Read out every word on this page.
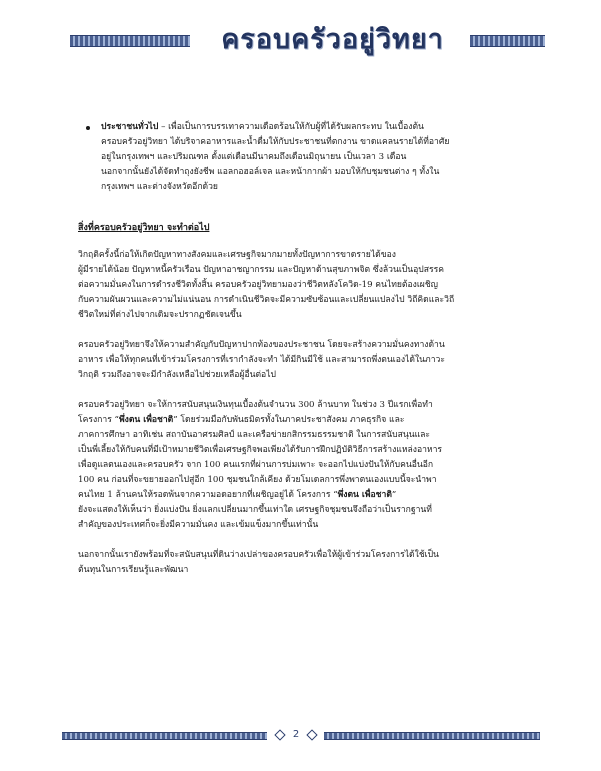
ครอบครัวอยู่วิทยา

ประชาชนทั่วไป – เพื่อเป็นการบรรเทาความเดือดร้อนให้กับผู้ที่ได้รับผลกระทบ ในเบื้องต้น

ครอบครัวอยู่วิทยา ได้บริจาคอาหารและน้ำดื่มให้กับประชาชนที่ตกงาน ขาดแคลนรายได้ที่อาศัย

อยู่ในกรุงเทพฯ และปริมณฑล ตั้งแต่เดือนมีนาคมถึงเดือนมิถุนายน เป็นเวลา 3 เดือน

นอกจากนั้นยังได้จัดทำถุงยังชีพ แอลกอฮอล์เจล และหน้ากากผ้า มอบให้กับชุมชนต่าง ๆ ทั้งใน

กรุงเทพฯ และต่างจังหวัดอีกด้วย

สิ่งที่ครอบครัวอยู่วิทยา จะทำต่อไป

วิกฤติครั้งนี้ก่อให้เกิดปัญหาทางสังคมและเศรษฐกิจมากมายทั้งปัญหาการขาดรายได้ของ

ผู้มีรายได้น้อย ปัญหาหนี้ครัวเรือน ปัญหาอาชญากรรม และปัญหาด้านสุขภาพจิต ซึ่งล้วนเป็นอุปสรรค

ต่อความมั่นคงในการดำรงชีวิตทั้งสิ้น ครอบครัวอยู่วิทยามองว่าชีวิตหลังโควิด-19 คนไทยต้องเผชิญ

กับความผันผวนและความไม่แน่นอน การดำเนินชีวิตจะมีความซับซ้อนและเปลี่ยนแปลงไป วิถีคิดและวิถี

ชีวิตใหม่ที่ต่างไปจากเดิมจะปรากฏชัดเจนขึ้น

ครอบครัวอยู่วิทยาจึงให้ความสำคัญกับปัญหาปากท้องของประชาชน โดยจะสร้างความมั่นคงทางด้าน

อาหาร เพื่อให้ทุกคนที่เข้าร่วมโครงการที่เรากำลังจะทำ ได้มีกินมีใช้ และสามารถพึ่งตนเองได้ในภาวะ

วิกฤติ รวมถึงอาจจะมีกำลังเหลือไปช่วยเหลือผู้อื่นต่อไป

ครอบครัวอยู่วิทยา จะให้การสนับสนุนเงินทุนเบื้องต้นจำนวน 300 ล้านบาท ในช่วง 3 ปีแรกเพื่อทำ

โครงการ “พึ่งตน เพื่อชาติ” โดยร่วมมือกับพันธมิตรทั้งในภาคประชาสังคม ภาคธุรกิจ และ

ภาคการศึกษา อาทิเช่น สถาบันอาศรมศิลป์ และเครือข่ายกสิกรรมธรรมชาติ ในการสนับสนุนและ

เป็นพี่เลี้ยงให้กับคนที่มีเป้าหมายชีวิตเพื่อเศรษฐกิจพอเพียงได้รับการฝึกปฏิบัติวิธีการสร้างแหล่งอาหาร

เพื่อดูแลตนเองและครอบครัว จาก 100 คนแรกที่ผ่านการบ่มเพาะ จะออกไปแบ่งปันให้กับคนอื่นอีก

100 คน ก่อนที่จะขยายออกไปสู่อีก 100 ชุมชนใกล้เคียง ด้วยโมเดลการพึ่งพาตนเองแบบนี้จะนำพา

คนไทย 1 ล้านคนให้รอดพ้นจากความอดอยากที่เผชิญอยู่ได้ โครงการ “พึ่งตน เพื่อชาติ”

ยังจะแสดงให้เห็นว่า ยิ่งแบ่งปัน ยิ่งแลกเปลี่ยนมากขึ้นเท่าใด เศรษฐกิจชุมชนจึงถือว่าเป็นรากฐานที่

สำคัญของประเทศก็จะยิ่งมีความมั่นคง และเข้มแข็งมากขึ้นเท่านั้น

นอกจากนั้นเรายังพร้อมที่จะสนับสนุนที่ดินว่างเปล่าของครอบครัวเพื่อให้ผู้เข้าร่วมโครงการได้ใช้เป็น

ต้นทุนในการเรียนรู้และพัฒนา

2
